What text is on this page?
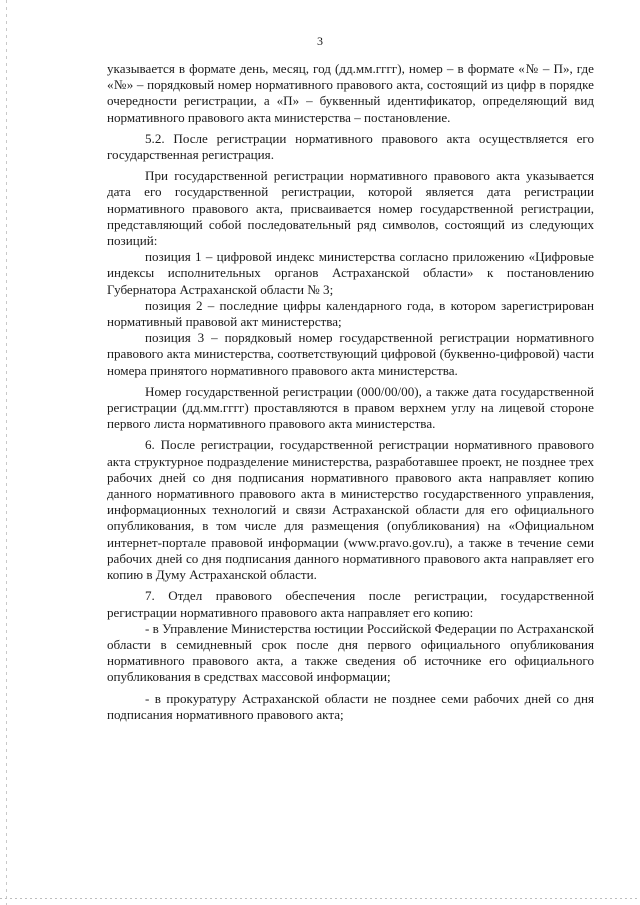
3

указывается в формате день, месяц, год (дд.мм.гггг), номер – в формате «№ – П», где «№» – порядковый номер нормативного правового акта, состоящий из цифр в порядке очередности регистрации, а «П» – буквенный идентификатор, определяющий вид нормативного правового акта министерства – постановление.

5.2. После регистрации нормативного правового акта осуществляется его государственная регистрация.

При государственной регистрации нормативного правового акта указывается дата его государственной регистрации, которой является дата регистрации нормативного правового акта, присваивается номер государственной регистрации, представляющий собой последовательный ряд символов, состоящий из следующих позиций:

позиция 1 – цифровой индекс министерства согласно приложению «Цифровые индексы исполнительных органов Астраханской области» к постановлению Губернатора Астраханской области № 3;

позиция 2 – последние цифры календарного года, в котором зарегистрирован нормативный правовой акт министерства;

позиция 3 – порядковый номер государственной регистрации нормативного правового акта министерства, соответствующий цифровой (буквенно-цифровой) части номера принятого нормативного правового акта министерства.

Номер государственной регистрации (000/00/00), а также дата государственной регистрации (дд.мм.гггг) проставляются в правом верхнем углу на лицевой стороне первого листа нормативного правового акта министерства.

6. После регистрации, государственной регистрации нормативного правового акта структурное подразделение министерства, разработавшее проект, не позднее трех рабочих дней со дня подписания нормативного правового акта направляет копию данного нормативного правового акта в министерство государственного управления, информационных технологий и связи Астраханской области для его официального опубликования, в том числе для размещения (опубликования) на «Официальном интернет-портале правовой информации (www.pravo.gov.ru), а также в течение семи рабочих дней со дня подписания данного нормативного правового акта направляет его копию в Думу Астраханской области.

7. Отдел правового обеспечения после регистрации, государственной регистрации нормативного правового акта направляет его копию:

- в Управление Министерства юстиции Российской Федерации по Астраханской области в семидневный срок после дня первого официального опубликования нормативного правового акта, а также сведения об источнике его официального опубликования в средствах массовой информации;

- в прокуратуру Астраханской области не позднее семи рабочих дней со дня подписания нормативного правового акта;
